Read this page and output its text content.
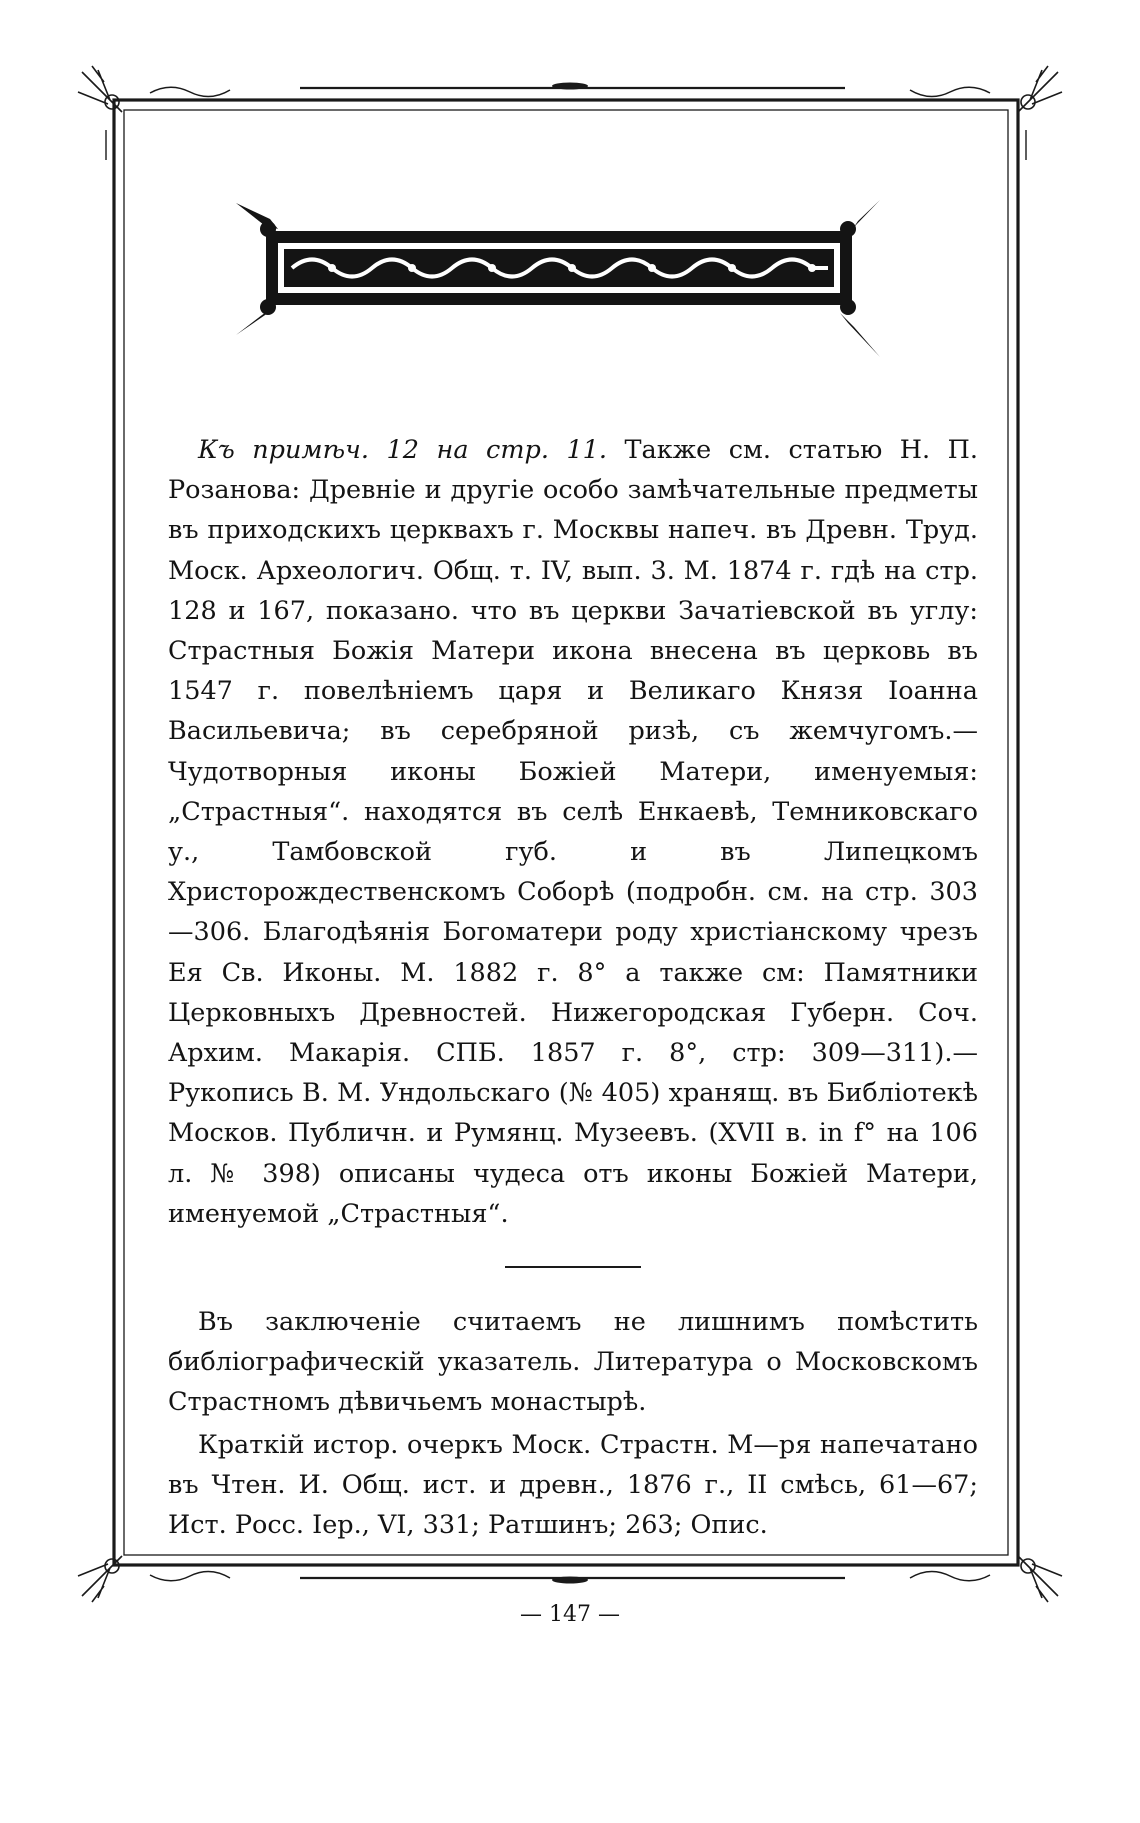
Къ примѣч. 12 на стр. 11. Также см. статью Н. П. Розанова: Древніе и другіе особо замѣчательные предметы въ приходскихъ церквахъ г. Москвы напеч. въ Древн. Труд. Моск. Археологич. Общ. т. IV, вып. 3. М. 1874 г. гдѣ на стр. 128 и 167, показано. что въ церкви Зачатіевской въ углу: Страстныя Божія Матери икона внесена въ церковь въ 1547 г. повелѣніемъ царя и Великаго Князя Іоанна Васильевича; въ серебряной ризѣ, съ жемчугомъ.—Чудотворныя иконы Божіей Матери, именуемыя: „Страстныя“. находятся въ селѣ Енкаевѣ, Темниковскаго у., Тамбовской губ. и въ Липецкомъ Христорождественскомъ Соборѣ (подробн. см. на стр. 303—306. Благодѣянія Богоматери роду христіанскому чрезъ Ея Св. Иконы. М. 1882 г. 8° а также см: Памятники Церковныхъ Древностей. Нижегородская Губерн. Соч. Архим. Макарія. СПБ. 1857 г. 8°, стр: 309—311).—Рукопись В. М. Ундольскаго (№ 405) хранящ. въ Библіотекѣ Москов. Публичн. и Румянц. Музеевъ. (XVII в. in f° на 106 л. № 398) описаны чудеса отъ иконы Божіей Матери, именуемой „Страстныя“.

Въ заключеніе считаемъ не лишнимъ помѣстить библіографическій указатель. Литература о Московскомъ Страстномъ дѣвичьемъ монастырѣ.

Краткій истор. очеркъ Моск. Страстн. М—ря напечатано въ Чтен. И. Общ. ист. и древн., 1876 г., II смѣсь, 61—67; Ист. Росс. Іер., VI, 331; Ратшинъ; 263; Опис.

— 147 —
